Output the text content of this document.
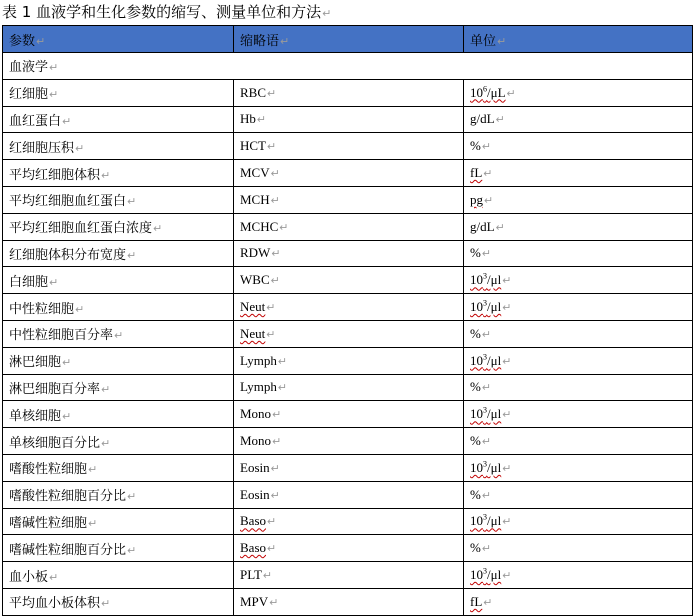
表 1 血液学和生化参数的缩写、测量单位和方法↵
参数↵	缩略语↵	单位↵
血液学↵		
红细胞↵	RBC↵	$10^6/\mu L↵$
血红蛋白↵	Hb↵	g/dL↵
红细胞压积↵	HCT↵	%↵
平均红细胞体积↵	MCV↵	fL↵
平均红细胞血红蛋白↵	MCH↵	pg↵
平均红细胞血红蛋白浓度↵	MCHC↵	g/dL↵
红细胞体积分布宽度↵	RDW↵	%↵
白细胞↵	WBC↵	$10^3/\mu l↵$
中性粒细胞↵	Neut↵	$10^3/\mu l↵$
中性粒细胞百分率↵	Neut↵	%↵
淋巴细胞↵	Lymph↵	$10^3/\mu l↵$
淋巴细胞百分率↵	Lymph↵	%↵
单核细胞↵	Mono↵	$10^3/\mu l↵$
单核细胞百分比↵	Mono↵	%↵
嗜酸性粒细胞↵	Eosin↵	$10^3/\mu l↵$
嗜酸性粒细胞百分比↵	Eosin↵	%↵
嗜碱性粒细胞↵	Baso↵	$10^3/\mu l↵$
嗜碱性粒细胞百分比↵	Baso↵	%↵
血小板↵	PLT↵	$10^3/\mu l↵$
平均血小板体积↵	MPV↵	fL↵
